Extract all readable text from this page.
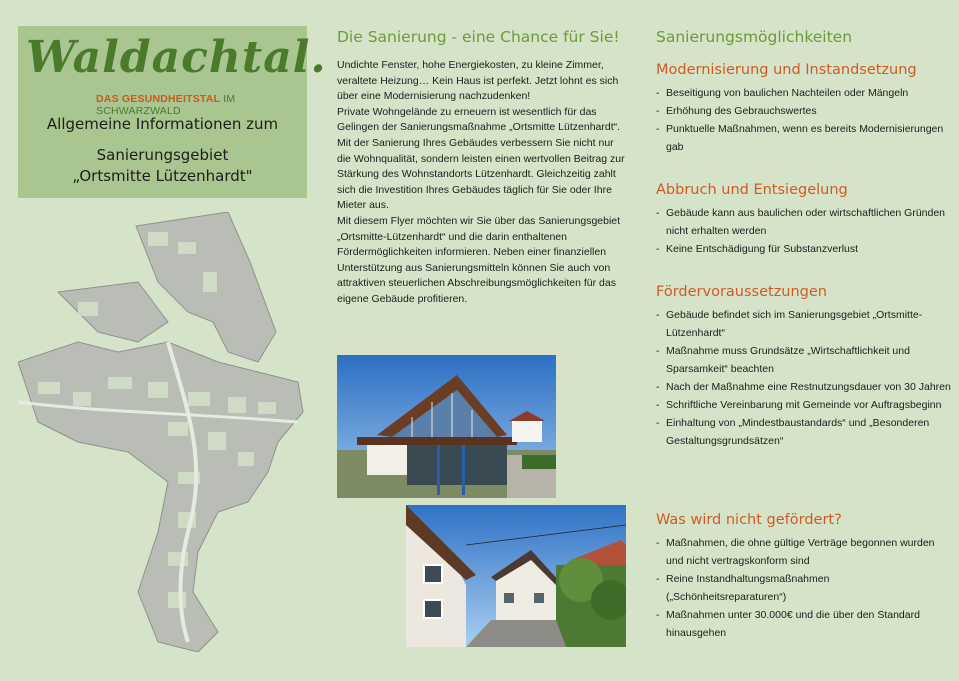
Waldachtal.
DAS GESUNDHEITSTAL IM SCHWARZWALD
Allgemeine Informationen zum
Sanierungsgebiet
„Ortsmitte Lützenhardt"
Die Sanierung - eine Chance für Sie!

Undichte Fenster, hohe Energiekosten, zu kleine Zimmer, veraltete Heizung… Kein Haus ist perfekt. Jetzt lohnt es sich über eine Modernisierung nachzudenken!

Private Wohngelände zu erneuern ist wesentlich für das Gelingen der Sanierungsmaßnahme „Ortsmitte Lützenhardt“. Mit der Sanierung Ihres Gebäudes verbessern Sie nicht nur die Wohnqualität, sondern leisten einen wertvollen Beitrag zur Stärkung des Wohnstandorts Lützenhardt. Gleichzeitig zahlt sich die Investition Ihres Gebäudes täglich für Sie oder Ihre Mieter aus.

Mit diesem Flyer möchten wir Sie über das Sanierungsgebiet „Ortsmitte-Lützenhardt“ und die darin enthaltenen Fördermöglichkeiten informieren. Neben einer finanziellen Unterstützung aus Sanierungsmitteln können Sie auch von attraktiven steuerlichen Abschreibungsmöglichkeiten für das eigene Gebäude profitieren.

Sanierungsmöglichkeiten
Modernisierung und Instandsetzung
- Beseitigung von baulichen Nachteilen oder Mängeln
- Erhöhung des Gebrauchswertes
- Punktuelle Maßnahmen, wenn es bereits Modernisierungen gab
Abbruch und Entsiegelung
- Gebäude kann aus baulichen oder wirtschaftlichen Gründen nicht erhalten werden
- Keine Entschädigung für Substanzverlust
Fördervoraussetzungen
- Gebäude befindet sich im Sanierungsgebiet „Ortsmitte-Lützenhardt“
- Maßnahme muss Grundsätze „Wirtschaftlichkeit und Sparsamkeit“ beachten
- Nach der Maßnahme eine Restnutzungsdauer von 30 Jahren
- Schriftliche Vereinbarung mit Gemeinde vor Auftragsbeginn
- Einhaltung von „Mindestbaustandards“ und „Besonderen Gestaltungsgrundsätzen“
Was wird nicht gefördert?
- Maßnahmen, die ohne gültige Verträge begonnen wurden und nicht vertragskonform sind
- Reine Instandhaltungsmaßnahmen („Schönheitsreparaturen“)
- Maßnahmen unter 30.000€ und die über den Standard hinausgehen
